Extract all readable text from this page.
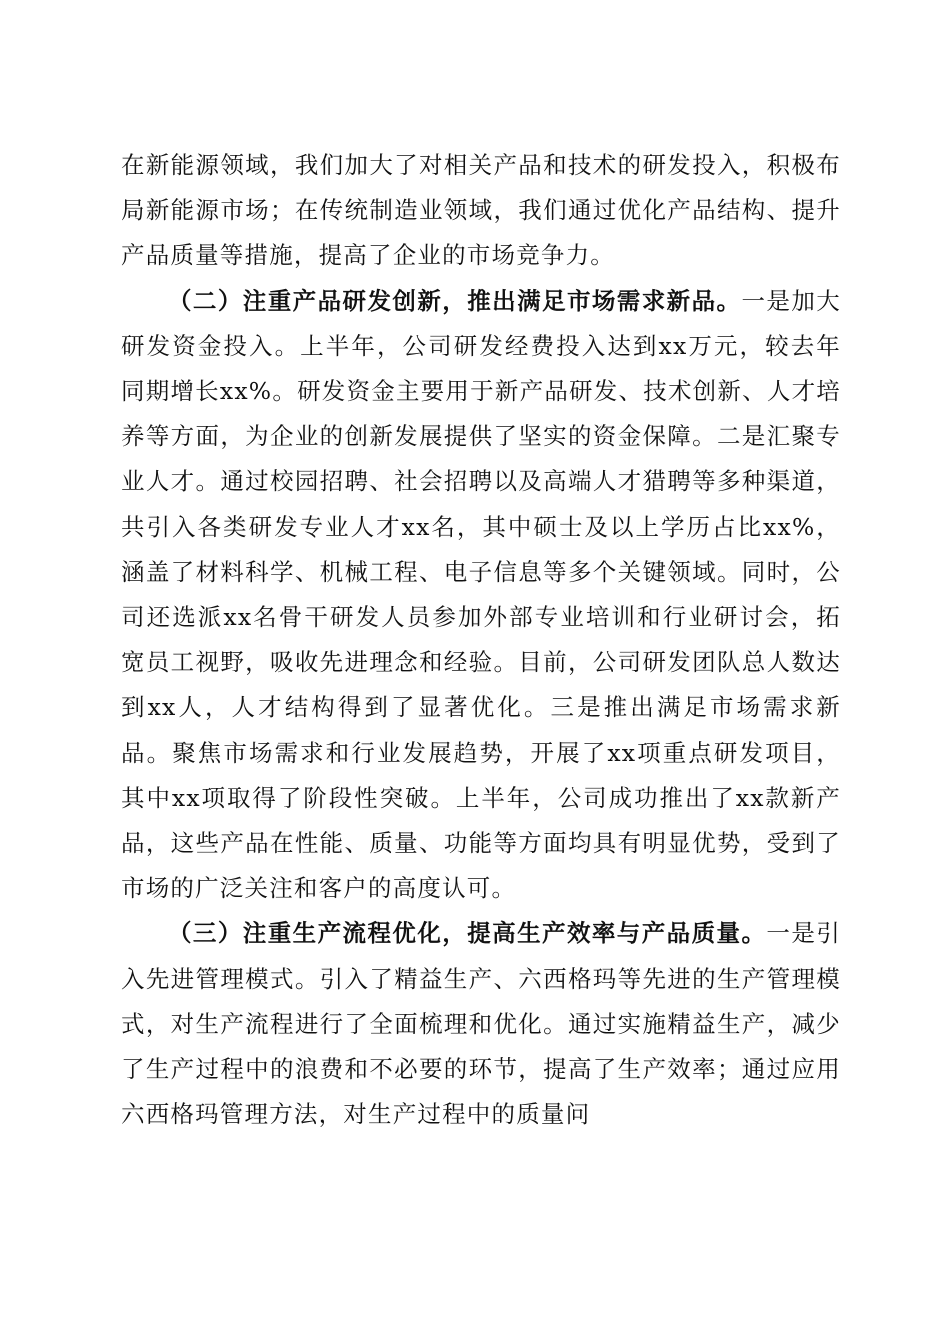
在新能源领域，我们加大了对相关产品和技术的研发投入，积极布局新能源市场；在传统制造业领域，我们通过优化产品结构、提升产品质量等措施，提高了企业的市场竞争力。

（二）注重产品研发创新，推出满足市场需求新品。一是加大研发资金投入。上半年，公司研发经费投入达到xx万元，较去年同期增长xx%。研发资金主要用于新产品研发、技术创新、人才培养等方面，为企业的创新发展提供了坚实的资金保障。二是汇聚专业人才。通过校园招聘、社会招聘以及高端人才猎聘等多种渠道，共引入各类研发专业人才xx名，其中硕士及以上学历占比xx%，涵盖了材料科学、机械工程、电子信息等多个关键领域。同时，公司还选派xx名骨干研发人员参加外部专业培训和行业研讨会，拓宽员工视野，吸收先进理念和经验。目前，公司研发团队总人数达到xx人，人才结构得到了显著优化。三是推出满足市场需求新品。聚焦市场需求和行业发展趋势，开展了xx项重点研发项目，其中xx项取得了阶段性突破。上半年，公司成功推出了xx款新产品，这些产品在性能、质量、功能等方面均具有明显优势，受到了市场的广泛关注和客户的高度认可。

（三）注重生产流程优化，提高生产效率与产品质量。一是引入先进管理模式。引入了精益生产、六西格玛等先进的生产管理模式，对生产流程进行了全面梳理和优化。通过实施精益生产，减少了生产过程中的浪费和不必要的环节，提高了生产效率；通过应用六西格玛管理方法，对生产过程中的质量问
